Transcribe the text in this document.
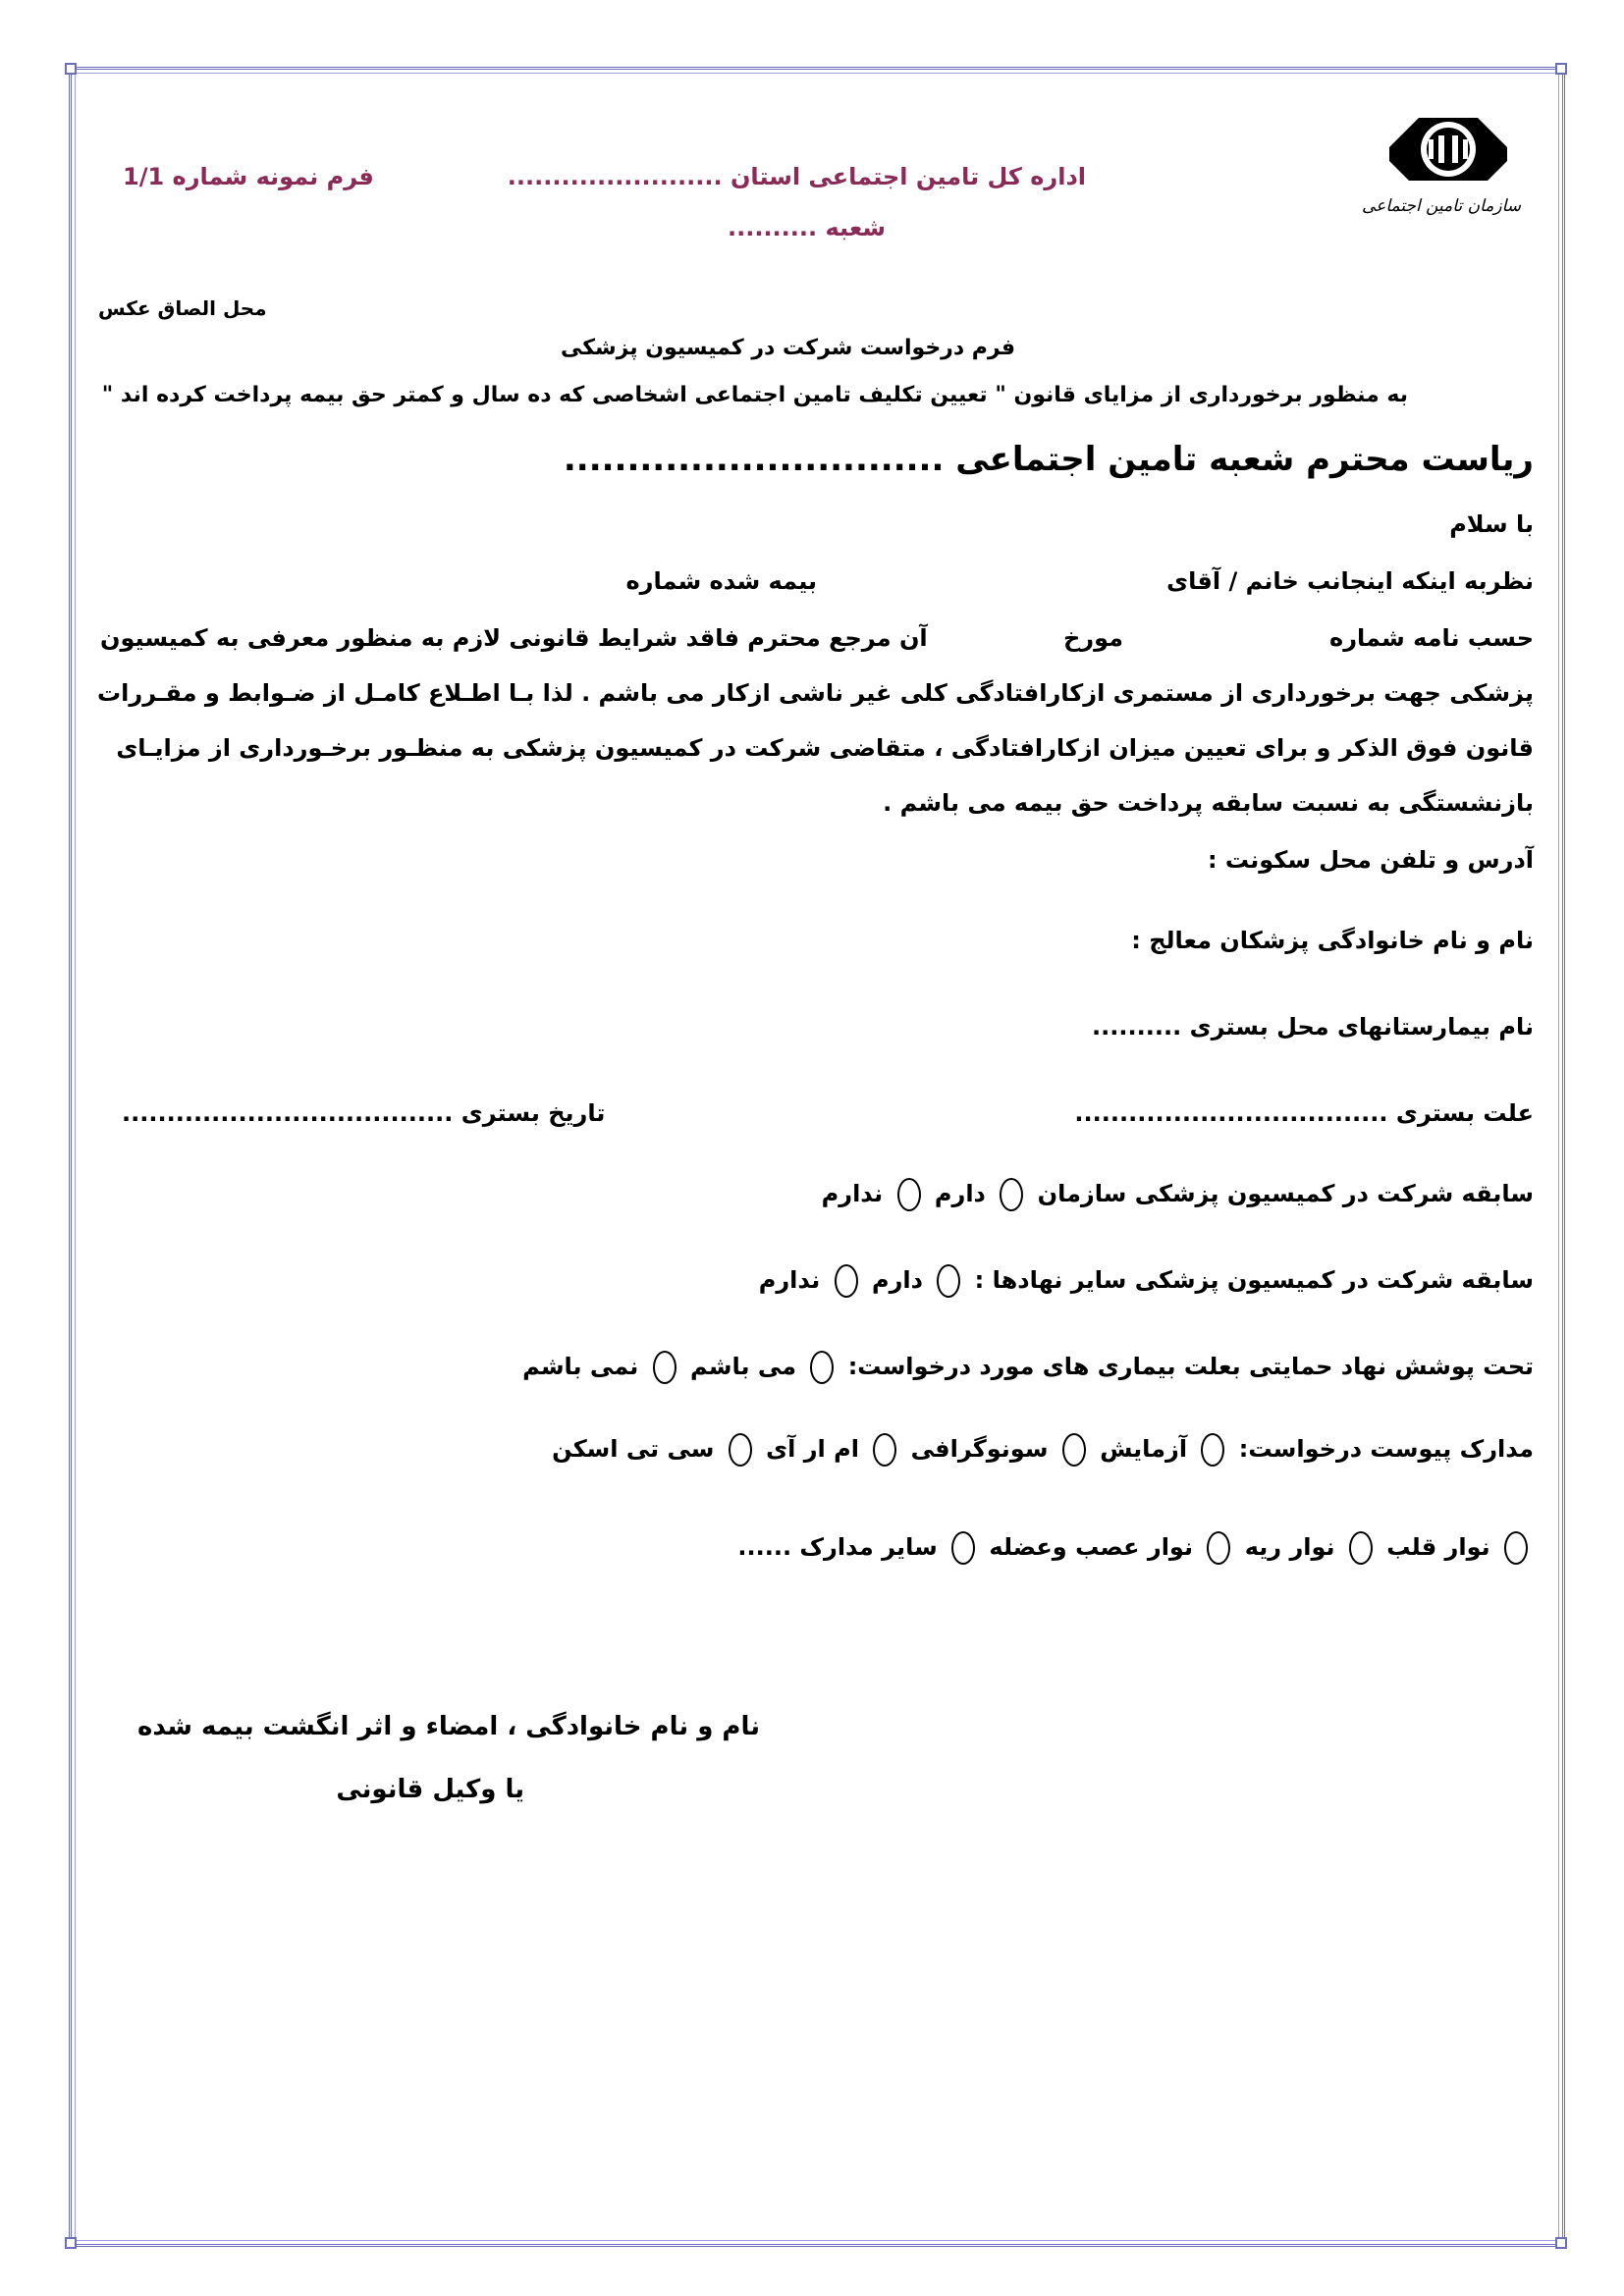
سازمان تامین اجتماعی
اداره کل تامین اجتماعی استان ........................
شعبه ..........
فرم نمونه شماره 1/1
محل الصاق عکس
فرم درخواست شرکت در کمیسیون پزشکی
به منظور برخورداری از مزایای قانون " تعیین تکلیف تامین اجتماعی اشخاصی که ده سال و کمتر حق بیمه پرداخت کرده اند "
ریاست محترم شعبه تامین اجتماعی ..............................
با سلام
نظربه اینکه اینجانب خانم / آقای
بیمه شده شماره
حسب نامه شماره
مورخ
آن مرجع محترم فاقد شرایط قانونی لازم به منظور معرفی به کمیسیون
پزشکی جهت برخورداری از مستمری ازکارافتادگی کلی غیر ناشی ازکار می باشم . لذا بـا اطـلاع کامـل از ضـوابط و مقـررات
قانون فوق الذکر و برای تعیین میزان ازکارافتادگی ، متقاضی شرکت در کمیسیون پزشکی به منظـور برخـورداری از مزایـای
بازنشستگی به نسبت سابقه پرداخت حق بیمه می باشم .
آدرس و تلفن محل سکونت :
نام و نام خانوادگی پزشکان معالج :
نام بیمارستانهای محل بستری ..........
علت بستری ...................................
تاریخ بستری .....................................
سابقه شرکت در کمیسیون پزشکی سازمان  دارم  ندارم
سابقه شرکت در کمیسیون پزشکی سایر نهادها :  دارم  ندارم
تحت پوشش نهاد حمایتی بعلت بیماری های مورد درخواست:  می باشم  نمی باشم
مدارک پیوست درخواست:  آزمایش  سونوگرافی  ام ار آی  سی تی اسکن
نوار قلب  نوار ریه  نوار عصب وعضله  سایر مدارک ......
نام و نام خانوادگی ، امضاء و اثر انگشت بیمه شده
یا وکیل قانونی
